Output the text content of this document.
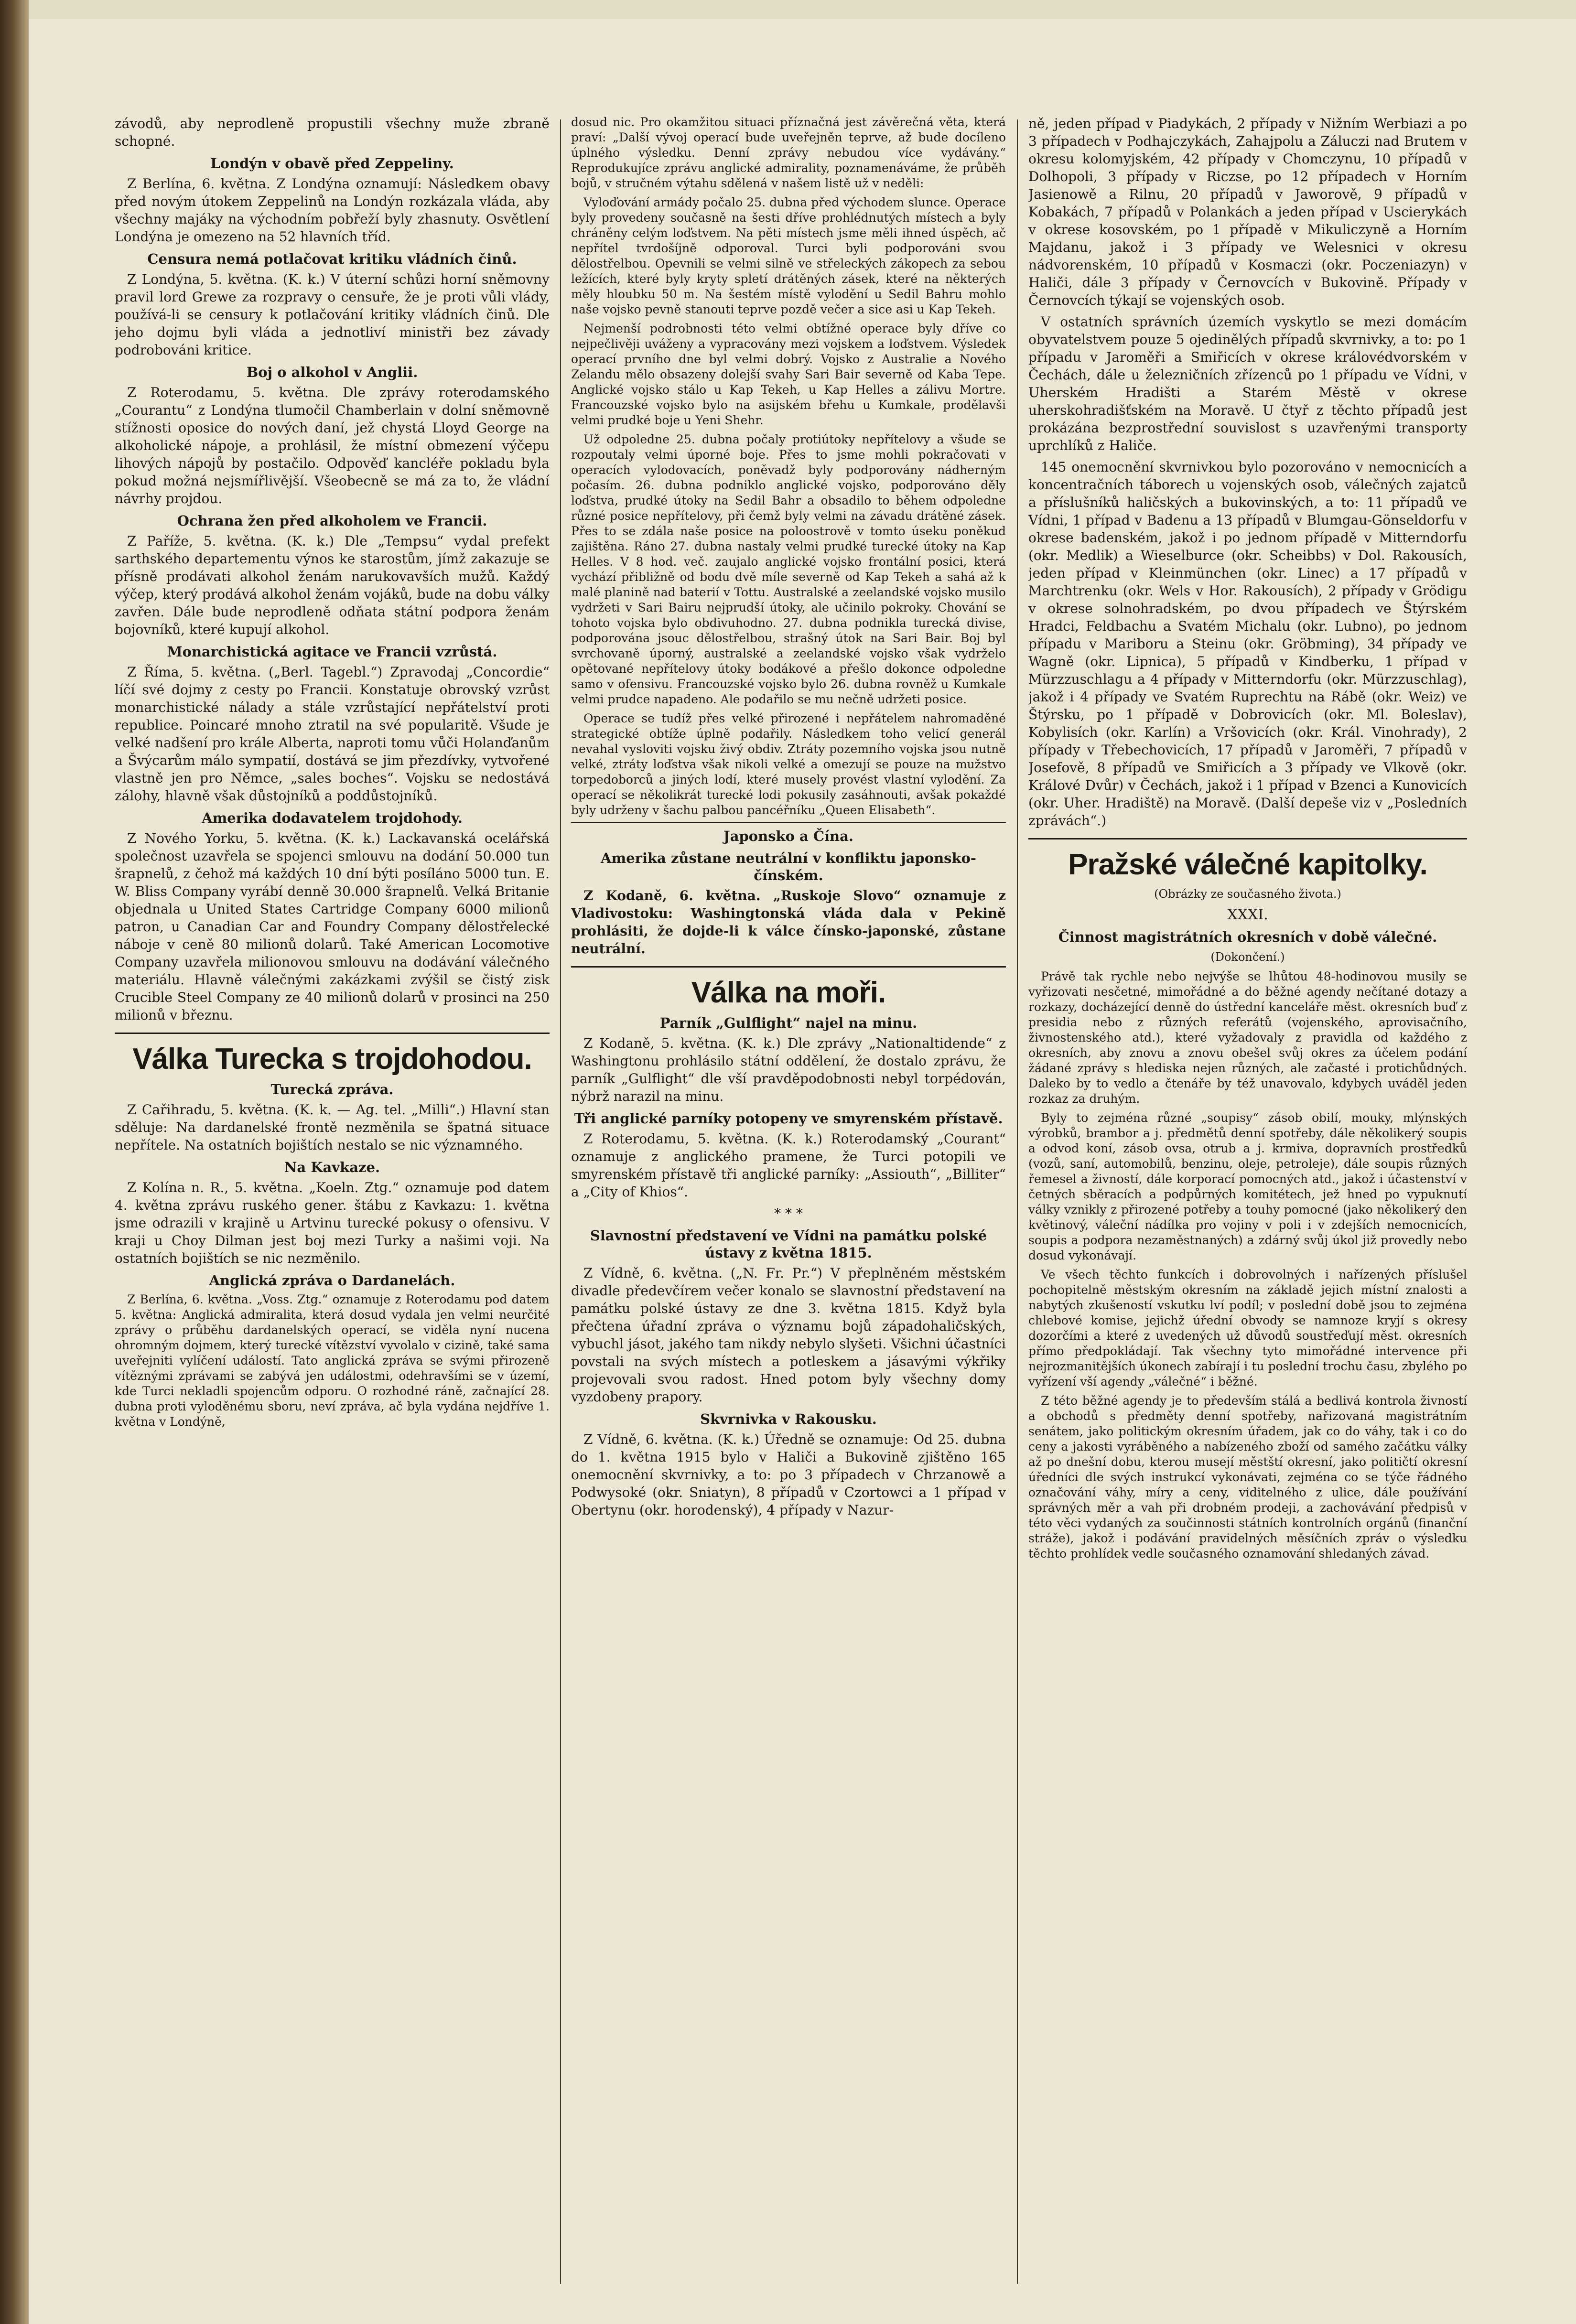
závodů, aby neprodleně propustili všechny muže zbraně schopné.

Londýn v obavě před Zeppeliny.

Z Berlína, 6. května. Z Londýna oznamují: Následkem obavy před novým útokem Zeppelinů na Londýn rozkázala vláda, aby všechny majáky na východním pobřeží byly zhasnuty. Osvětlení Londýna je omezeno na 52 hlavních tříd.

Censura nemá potlačovat kritiku vládních činů.

Z Londýna, 5. května. (K. k.) V úterní schůzi horní sněmovny pravil lord Grewe za rozpravy o censuře, že je proti vůli vlády, používá-li se censury k potlačování kritiky vládních činů. Dle jeho dojmu byli vláda a jednotliví ministři bez závady podrobováni kritice.

Boj o alkohol v Anglii.

Z Roterodamu, 5. května. Dle zprávy roterodamského „Courantu“ z Londýna tlumočil Chamberlain v dolní sněmovně stížnosti oposice do nových daní, jež chystá Lloyd George na alkoholické nápoje, a prohlásil, že místní obmezení výčepu lihových nápojů by postačilo. Odpověď kancléře pokladu byla pokud možná nejsmířlivější. Všeobecně se má za to, že vládní návrhy projdou.

Ochrana žen před alkoholem ve Francii.

Z Paříže, 5. května. (K. k.) Dle „Tempsu“ vydal prefekt sarthského departementu výnos ke starostům, jímž zakazuje se přísně prodávati alkohol ženám narukovavších mužů. Každý výčep, který prodává alkohol ženám vojáků, bude na dobu války zavřen. Dále bude neprodleně odňata státní podpora ženám bojovníků, které kupují alkohol.

Monarchistická agitace ve Francii vzrůstá.

Z Říma, 5. května. („Berl. Tagebl.“) Zpravodaj „Concordie“ líčí své dojmy z cesty po Francii. Konstatuje obrovský vzrůst monarchistické nálady a stále vzrůstající nepřátelství proti republice. Poincaré mnoho ztratil na své popularitě. Všude je velké nadšení pro krále Alberta, naproti tomu vůči Holanďanům a Švýcarům málo sympatií, dostává se jim přezdívky, vytvořené vlastně jen pro Němce, „sales boches“. Vojsku se nedostává zálohy, hlavně však důstojníků a poddůstojníků.

Amerika dodavatelem trojdohody.

Z Nového Yorku, 5. května. (K. k.) Lackavanská ocelářská společnost uzavřela se spojenci smlouvu na dodání 50.000 tun šrapnelů, z čehož má každých 10 dní býti posíláno 5000 tun. E. W. Bliss Company vyrábí denně 30.000 šrapnelů. Velká Britanie objednala u United States Cartridge Company 6000 milionů patron, u Canadian Car and Foundry Company dělostřelecké náboje v ceně 80 milionů dolarů. Také American Locomotive Company uzavřela milionovou smlouvu na dodávání válečného materiálu. Hlavně válečnými zakázkami zvýšil se čistý zisk Crucible Steel Company ze 40 milionů dolarů v prosinci na 250 milionů v březnu.

Válka Turecka s trojdohodou.
Turecká zpráva.

Z Cařihradu, 5. května. (K. k. — Ag. tel. „Milli“.) Hlavní stan sděluje: Na dardanelské frontě nezměnila se špatná situace nepřítele. Na ostatních bojištích nestalo se nic významného.

Na Kavkaze.

Z Kolína n. R., 5. května. „Koeln. Ztg.“ oznamuje pod datem 4. května zprávu ruského gener. štábu z Kavkazu: 1. května jsme odrazili v krajině u Artvinu turecké pokusy o ofensivu. V kraji u Choy Dilman jest boj mezi Turky a našimi voji. Na ostatních bojištích se nic nezměnilo.

Anglická zpráva o Dardanelách.

Z Berlína, 6. května. „Voss. Ztg.“ oznamuje z Roterodamu pod datem 5. května: Anglická admiralita, která dosud vydala jen velmi neurčité zprávy o průběhu dardanelských operací, se viděla nyní nucena ohromným dojmem, který turecké vítězství vyvolalo v cizině, také sama uveřejniti vylíčení událostí. Tato anglická zpráva se svými přirozeně vítěznými zprávami se zabývá jen událostmi, odehravšími se v území, kde Turci nekladli spojencům odporu. O rozhodné ráně, začnající 28. dubna proti vyloděnému sboru, neví zpráva, ač byla vydána nejdříve 1. května v Londýně,

dosud nic. Pro okamžitou situaci příznačná jest závěrečná věta, která praví: „Další vývoj operací bude uveřejněn teprve, až bude docíleno úplného výsledku. Denní zprávy nebudou více vydávány.“ Reprodukujíce zprávu anglické admirality, poznamenáváme, že průběh bojů, v stručném výtahu sdělená v našem listě už v neděli:

Vyloďování armády počalo 25. dubna před východem slunce. Operace byly provedeny současně na šesti dříve prohlédnutých místech a byly chráněny celým loďstvem. Na pěti místech jsme měli ihned úspěch, ač nepřítel tvrdošíjně odporoval. Turci byli podporováni svou dělostřelbou. Opevnili se velmi silně ve střeleckých zákopech za sebou ležících, které byly kryty spletí drátěných zásek, které na některých měly hloubku 50 m. Na šestém místě vylodění u Sedil Bahru mohlo naše vojsko pevně stanouti teprve pozdě večer a sice asi u Kap Tekeh.

Nejmenší podrobnosti této velmi obtížné operace byly dříve co nejpečlivěji uváženy a vypracovány mezi vojskem a loďstvem. Výsledek operací prvního dne byl velmi dobrý. Vojsko z Australie a Nového Zelandu mělo obsazeny dolejší svahy Sari Bair severně od Kaba Tepe. Anglické vojsko stálo u Kap Tekeh, u Kap Helles a zálivu Mortre. Francouzské vojsko bylo na asijském břehu u Kumkale, prodělavši velmi prudké boje u Yeni Shehr.

Už odpoledne 25. dubna počaly protiútoky nepřítelovy a všude se rozpoutaly velmi úporné boje. Přes to jsme mohli pokračovati v operacích vylodovacích, poněvadž byly podporovány nádherným počasím. 26. dubna podniklo anglické vojsko, podporováno děly loďstva, prudké útoky na Sedil Bahr a obsadilo to během odpoledne různé posice nepřítelovy, při čemž byly velmi na závadu drátěné zásek. Přes to se zdála naše posice na poloostrově v tomto úseku poněkud zajištěna. Ráno 27. dubna nastaly velmi prudké turecké útoky na Kap Helles. V 8 hod. več. zaujalo anglické vojsko frontální posici, která vychází přibližně od bodu dvě míle severně od Kap Tekeh a sahá až k malé planině nad baterií v Tottu. Australské a zeelandské vojsko musilo vydržeti v Sari Bairu nejprudší útoky, ale učinilo pokroky. Chování se tohoto vojska bylo obdivuhodno. 27. dubna podnikla turecká divise, podporována jsouc dělostřelbou, strašný útok na Sari Bair. Boj byl svrchovaně úporný, australské a zeelandské vojsko však vydrželo opětované nepřítelovy útoky bodákové a přešlo dokonce odpoledne samo v ofensivu. Francouzské vojsko bylo 26. dubna rovněž u Kumkale velmi prudce napadeno. Ale podařilo se mu nečně udržeti posice.

Operace se tudíž přes velké přirozené i nepřátelem nahromaděné strategické obtíže úplně podařily. Následkem toho velicí generál nevahal vysloviti vojsku živý obdiv. Ztráty pozemního vojska jsou nutně velké, ztráty loďstva však nikoli velké a omezují se pouze na mužstvo torpedoborců a jiných lodí, které musely provést vlastní vylodění. Za operací se několikrát turecké lodi pokusily zasáhnouti, avšak pokaždé byly udrženy v šachu palbou pancéřníku „Queen Elisabeth“.

Japonsko a Čína.
Amerika zůstane neutrální v konfliktu japonsko-čínském.

Z Kodaně, 6. května. „Ruskoje Slovo“ oznamuje z Vladivostoku: Washingtonská vláda dala v Pekině prohlásiti, že dojde-li k válce čínsko-japonské, zůstane neutrální.

Válka na moři.
Parník „Gulflight“ najel na minu.

Z Kodaně, 5. května. (K. k.) Dle zprávy „Nationaltidende“ z Washingtonu prohlásilo státní oddělení, že dostalo zprávu, že parník „Gulflight“ dle vší pravděpodobnosti nebyl torpédován, nýbrž narazil na minu.

Tři anglické parníky potopeny ve smyrenském přístavě.

Z Roterodamu, 5. května. (K. k.) Roterodamský „Courant“ oznamuje z anglického pramene, že Turci potopili ve smyrenském přístavě tři anglické parníky: „Assiouth“, „Billiter“ a „City of Khios“.

* * *
Slavnostní představení ve Vídni na památku polské ústavy z května 1815.

Z Vídně, 6. května. („N. Fr. Pr.“) V přeplněném městském divadle předevčírem večer konalo se slavnostní představení na památku polské ústavy ze dne 3. května 1815. Když byla přečtena úřadní zpráva o významu bojů západohaličských, vybuchl jásot, jakého tam nikdy nebylo slyšeti. Všichni účastníci povstali na svých místech a potleskem a jásavými výkřiky projevovali svou radost. Hned potom byly všechny domy vyzdobeny prapory.

Skvrnivka v Rakousku.

Z Vídně, 6. května. (K. k.) Úředně se oznamuje: Od 25. dubna do 1. května 1915 bylo v Haliči a Bukovině zjištěno 165 onemocnění skvrnivky, a to: po 3 případech v Chrzanowě a Podwysoké (okr. Sniatyn), 8 případů v Czortowci a 1 případ v Obertynu (okr. horodenský), 4 případy v Nazur-

ně, jeden případ v Piadykách, 2 případy v Nižním Werbiazi a po 3 případech v Podhajczykách, Zahajpolu a Záluczi nad Brutem v okresu kolomyjském, 42 případy v Chomczynu, 10 případů v Dolhopoli, 3 případy v Riczse, po 12 případech v Horním Jasienowě a Rilnu, 20 případů v Jaworově, 9 případů v Kobakách, 7 případů v Polankách a jeden případ v Uscierykách v okrese kosovském, po 1 případě v Mikuliczyně a Horním Majdanu, jakož i 3 případy ve Welesnici v okresu nádvorenském, 10 případů v Kosmaczi (okr. Poczeniazyn) v Haliči, dále 3 případy v Černovcích v Bukovině. Případy v Černovcích týkají se vojenských osob.

V ostatních správních územích vyskytlo se mezi domácím obyvatelstvem pouze 5 ojedinělých případů skvrnivky, a to: po 1 případu v Jaroměři a Smiřicích v okrese královédvorském v Čechách, dále u železničních zřízenců po 1 případu ve Vídni, v Uherském Hradišti a Starém Městě v okrese uherskohradišťském na Moravě. U čtyř z těchto případů jest prokázána bezprostřední souvislost s uzavřenými transporty uprchlíků z Haliče.

145 onemocnění skvrnivkou bylo pozorováno v nemocnicích a koncentračních táborech u vojenských osob, válečných zajatců a příslušníků haličských a bukovinských, a to: 11 případů ve Vídni, 1 případ v Badenu a 13 případů v Blumgau-Gönseldorfu v okrese badenském, jakož i po jednom případě v Mitterndorfu (okr. Medlik) a Wieselburce (okr. Scheibbs) v Dol. Rakousích, jeden případ v Kleinmünchen (okr. Linec) a 17 případů v Marchtrenku (okr. Wels v Hor. Rakousích), 2 případy v Grödigu v okrese solnohradském, po dvou případech ve Štýrském Hradci, Feldbachu a Svatém Michalu (okr. Lubno), po jednom případu v Mariboru a Steinu (okr. Gröbming), 34 případy ve Wagně (okr. Lipnica), 5 případů v Kindberku, 1 případ v Mürzzuschlagu a 4 případy v Mitterndorfu (okr. Mürzzuschlag), jakož i 4 případy ve Svatém Ruprechtu na Rábě (okr. Weiz) ve Štýrsku, po 1 případě v Dobrovicích (okr. Ml. Boleslav), Kobylisích (okr. Karlín) a Vršovicích (okr. Král. Vinohrady), 2 případy v Třebechovicích, 17 případů v Jaroměři, 7 případů v Josefově, 8 případů ve Smiřicích a 3 případy ve Vlkově (okr. Králové Dvůr) v Čechách, jakož i 1 případ v Bzenci a Kunovicích (okr. Uher. Hradiště) na Moravě. (Další depeše viz v „Posledních zprávách“.)

Pražské válečné kapitolky.
(Obrázky ze současného života.)
XXXI.
Činnost magistrátních okresních v době válečné.
(Dokončení.)

Právě tak rychle nebo nejvýše se lhůtou 48-hodinovou musily se vyřizovati nesčetné, mimořádné a do běžné agendy nečítané dotazy a rozkazy, docházející denně do ústřední kanceláře měst. okresních buď z presidia nebo z různých referátů (vojenského, aprovisačního, živnostenského atd.), které vyžadovaly z pravidla od každého z okresních, aby znovu a znovu obešel svůj okres za účelem podání žádané zprávy s hlediska nejen různých, ale začasté i protichůdných. Daleko by to vedlo a čtenáře by též unavovalo, kdybych uváděl jeden rozkaz za druhým.

Byly to zejména různé „soupisy“ zásob obilí, mouky, mlýnských výrobků, brambor a j. předmětů denní spotřeby, dále několikerý soupis a odvod koní, zásob ovsa, otrub a j. krmiva, dopravních prostředků (vozů, saní, automobilů, benzinu, oleje, petroleje), dále soupis různých řemesel a živností, dále korporací pomocných atd., jakož i účastenství v četných sběracích a podpůrných komitétech, jež hned po vypuknutí války vznikly z přirozené potřeby a touhy pomocné (jako několikerý den květinový, váleční nádílka pro vojiny v poli i v zdejších nemocnicích, soupis a podpora nezaměstnaných) a zdárný svůj úkol již provedly nebo dosud vykonávají.

Ve všech těchto funkcích i dobrovolných i nařízených příslušel pochopitelně městským okresním na základě jejich místní znalosti a nabytých zkušeností vskutku lví podíl; v poslední době jsou to zejména chlebové komise, jejichž úřední obvody se namnoze kryjí s okresy dozorčími a které z uvedených už důvodů soustřeďují měst. okresních přímo předpokládají. Tak všechny tyto mimořádné intervence při nejrozmanitějších úkonech zabírají i tu poslední trochu času, zbylého po vyřízení vší agendy „válečné“ i běžné.

Z této běžné agendy je to především stálá a bedlivá kontrola živností a obchodů s předměty denní spotřeby, nařizovaná magistrátním senátem, jako politickým okresním úřadem, jak co do váhy, tak i co do ceny a jakosti vyráběného a nabízeného zboží od samého začátku války až po dnešní dobu, kterou musejí městští okresní, jako političtí okresní úředníci dle svých instrukcí vykonávati, zejména co se týče řádného označování váhy, míry a ceny, viditelného z ulice, dále používání správných měr a vah při drobném prodeji, a zachovávání předpisů v této věci vydaných za součinnosti státních kontrolních orgánů (finanční stráže), jakož i podávání pravidelných měsíčních zpráv o výsledku těchto prohlídek vedle současného oznamování shledaných závad.
